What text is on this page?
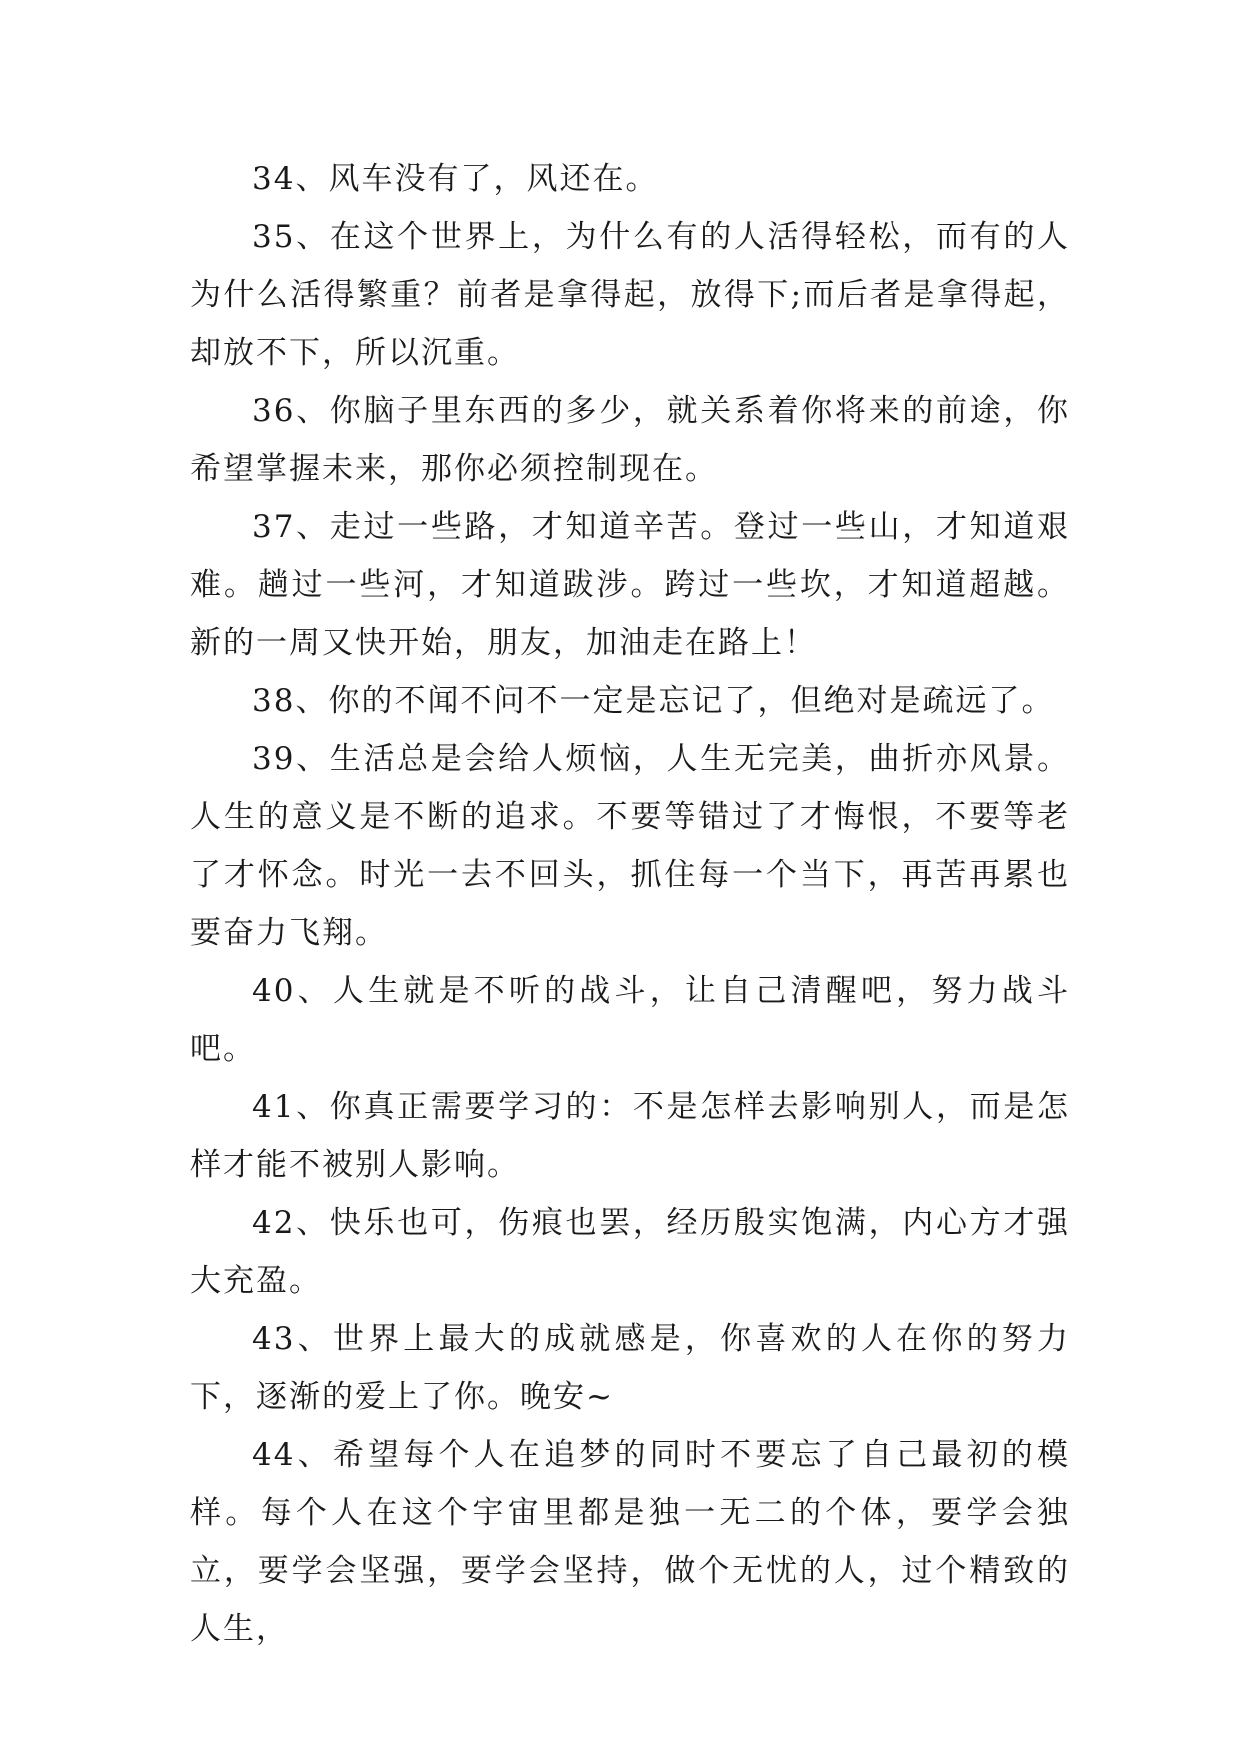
34、风车没有了，风还在。

35、在这个世界上，为什么有的人活得轻松，而有的人为什么活得繁重？前者是拿得起，放得下;而后者是拿得起，却放不下，所以沉重。

36、你脑子里东西的多少，就关系着你将来的前途，你希望掌握未来，那你必须控制现在。

37、走过一些路，才知道辛苦。登过一些山，才知道艰难。趟过一些河，才知道跋涉。跨过一些坎，才知道超越。新的一周又快开始，朋友，加油走在路上！

38、你的不闻不问不一定是忘记了，但绝对是疏远了。

39、生活总是会给人烦恼，人生无完美，曲折亦风景。人生的意义是不断的追求。不要等错过了才悔恨，不要等老了才怀念。时光一去不回头，抓住每一个当下，再苦再累也要奋力飞翔。

40、人生就是不听的战斗，让自己清醒吧，努力战斗吧。

41、你真正需要学习的：不是怎样去影响别人，而是怎样才能不被别人影响。

42、快乐也可，伤痕也罢，经历殷实饱满，内心方才强大充盈。

43、世界上最大的成就感是，你喜欢的人在你的努力下，逐渐的爱上了你。晚安~

44、希望每个人在追梦的同时不要忘了自己最初的模样。每个人在这个宇宙里都是独一无二的个体，要学会独立，要学会坚强，要学会坚持，做个无忧的人，过个精致的人生，
